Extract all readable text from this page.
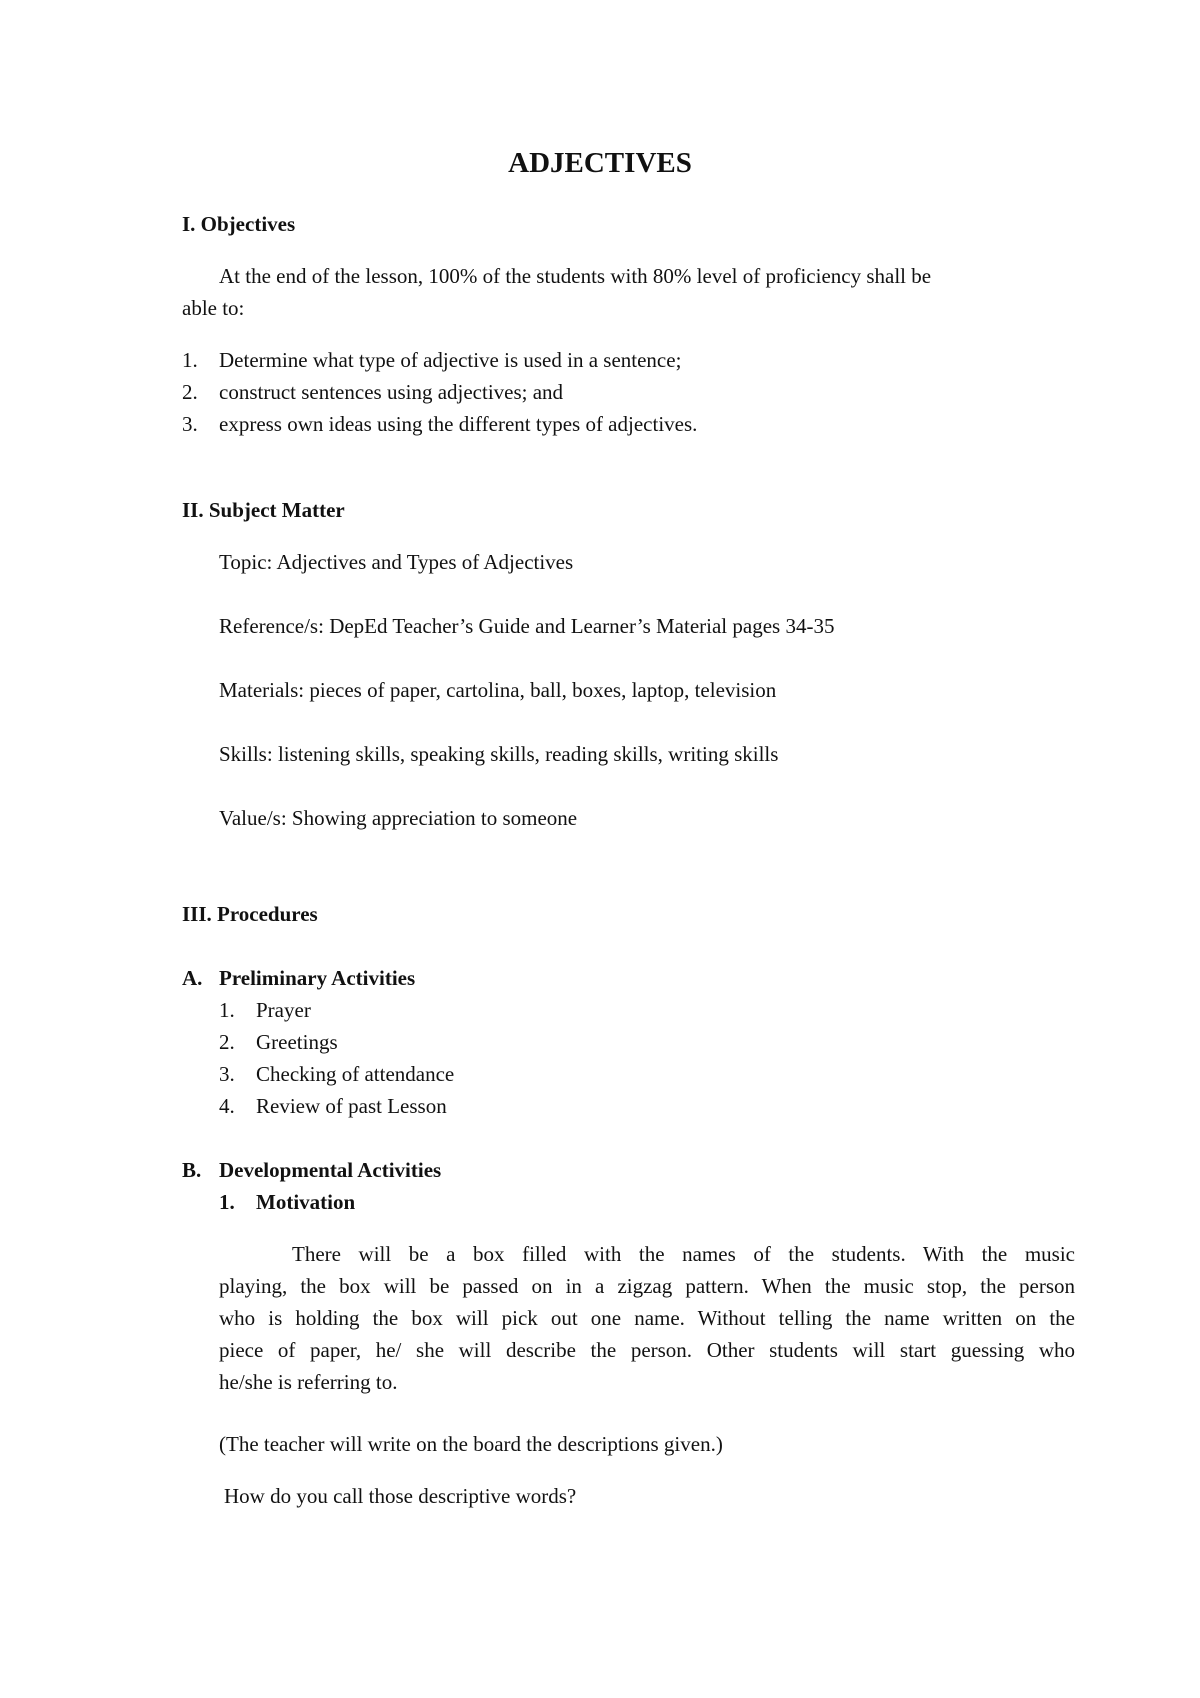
ADJECTIVES
I. Objectives
At the end of the lesson, 100% of the students with 80% level of proficiency shall be
able to:
1. Determine what type of adjective is used in a sentence;
2. construct sentences using adjectives; and
3. express own ideas using the different types of adjectives.
II. Subject Matter
Topic: Adjectives and Types of Adjectives
Reference/s: DepEd Teacher’s Guide and Learner’s Material pages 34-35
Materials: pieces of paper, cartolina, ball, boxes, laptop, television
Skills: listening skills, speaking skills, reading skills, writing skills
Value/s: Showing appreciation to someone
III. Procedures
A. Preliminary Activities
1. Prayer
2. Greetings
3. Checking of attendance
4. Review of past Lesson
B. Developmental Activities
1. Motivation
There will be a box filled with the names of the students. With the music
playing, the box will be passed on in a zigzag pattern. When the music stop, the person
who is holding the box will pick out one name. Without telling the name written on the
piece of paper, he/ she will describe the person. Other students will start guessing who
he/she is referring to.
(The teacher will write on the board the descriptions given.)
How do you call those descriptive words?
